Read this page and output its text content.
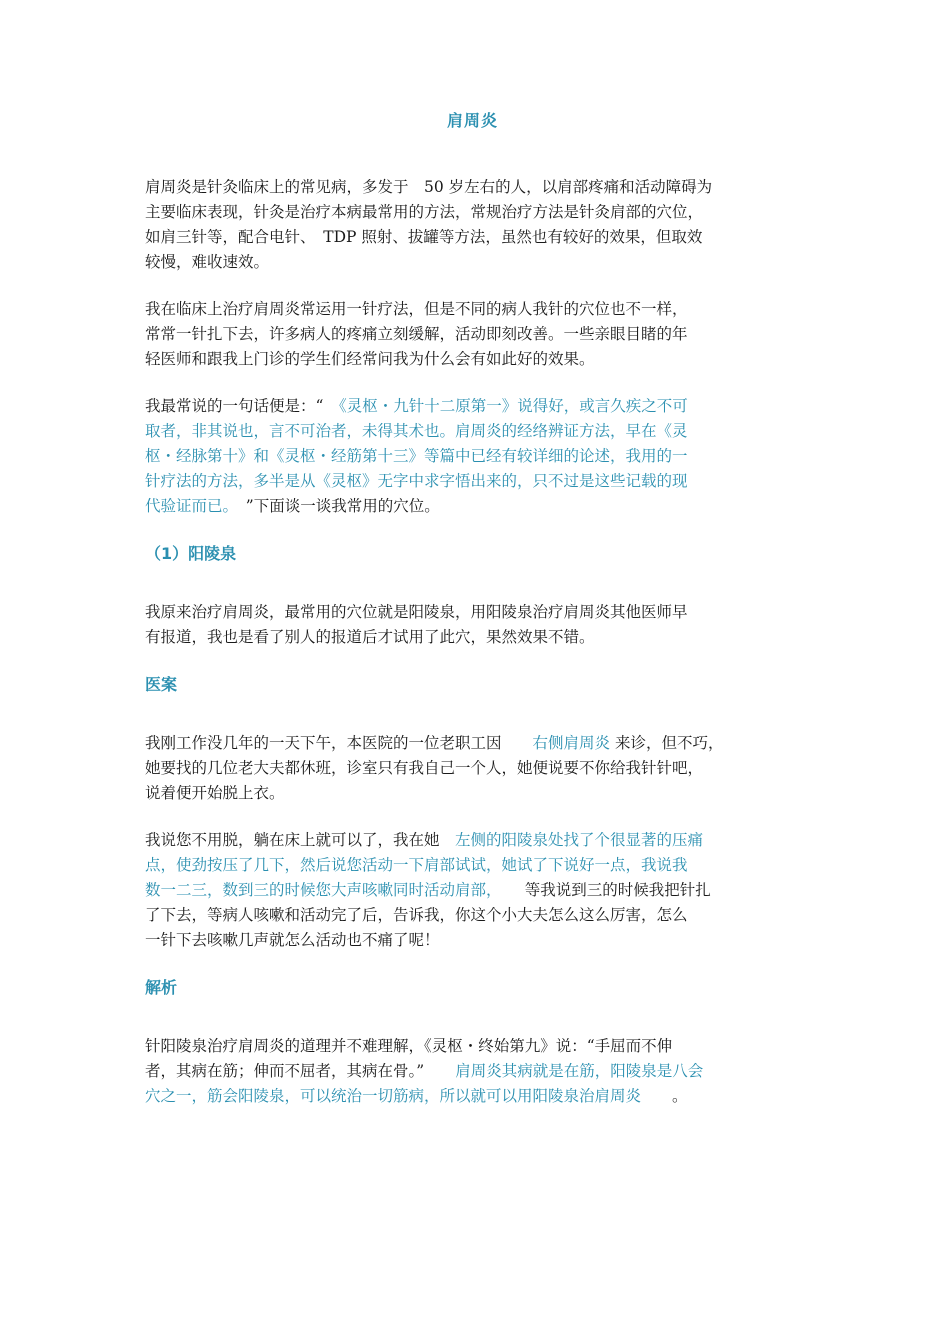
肩周炎

肩周炎是针灸临床上的常见病，多发于　50 岁左右的人，以肩部疼痛和活动障碍为
主要临床表现，针灸是治疗本病最常用的方法，常规治疗方法是针灸肩部的穴位，
如肩三针等，配合电针、　TDP 照射、拔罐等方法，虽然也有较好的效果，但取效
较慢，难收速效。

我在临床上治疗肩周炎常运用一针疗法，但是不同的病人我针的穴位也不一样，
常常一针扎下去，许多病人的疼痛立刻缓解，活动即刻改善。一些亲眼目睹的年
轻医师和跟我上门诊的学生们经常问我为什么会有如此好的效果。

我最常说的一句话便是：“　《灵枢・九针十二原第一》说得好，或言久疾之不可
取者，非其说也，言不可治者，未得其术也。肩周炎的经络辨证方法，早在《灵
枢・经脉第十》和《灵枢・经筋第十三》等篇中已经有较详细的论述，我用的一
针疗法的方法，多半是从《灵枢》无字中求字悟出来的，只不过是这些记载的现
代验证而已。　”下面谈一谈我常用的穴位。

（1）阳陵泉

我原来治疗肩周炎，最常用的穴位就是阳陵泉，用阳陵泉治疗肩周炎其他医师早
有报道，我也是看了别人的报道后才试用了此穴，果然效果不错。

医案

我刚工作没几年的一天下午，本医院的一位老职工因　　右侧肩周炎 来诊，但不巧，
她要找的几位老大夫都休班，诊室只有我自己一个人，她便说要不你给我针针吧，
说着便开始脱上衣。

我说您不用脱，躺在床上就可以了，我在她　左侧的阳陵泉处找了个很显著的压痛
点，使劲按压了几下，然后说您活动一下肩部试试，她试了下说好一点，我说我
数一二三，数到三的时候您大声咳嗽同时活动肩部，　　等我说到三的时候我把针扎
了下去，等病人咳嗽和活动完了后，告诉我，你这个小大夫怎么这么厉害，怎么
一针下去咳嗽几声就怎么活动也不痛了呢！

解析

针阳陵泉治疗肩周炎的道理并不难理解，《灵枢・终始第九》说：“手屈而不伸
者，其病在筋；伸而不屈者，其病在骨。”　　肩周炎其病就是在筋，阳陵泉是八会
穴之一，筋会阳陵泉，可以统治一切筋病，所以就可以用阳陵泉治肩周炎　　。
